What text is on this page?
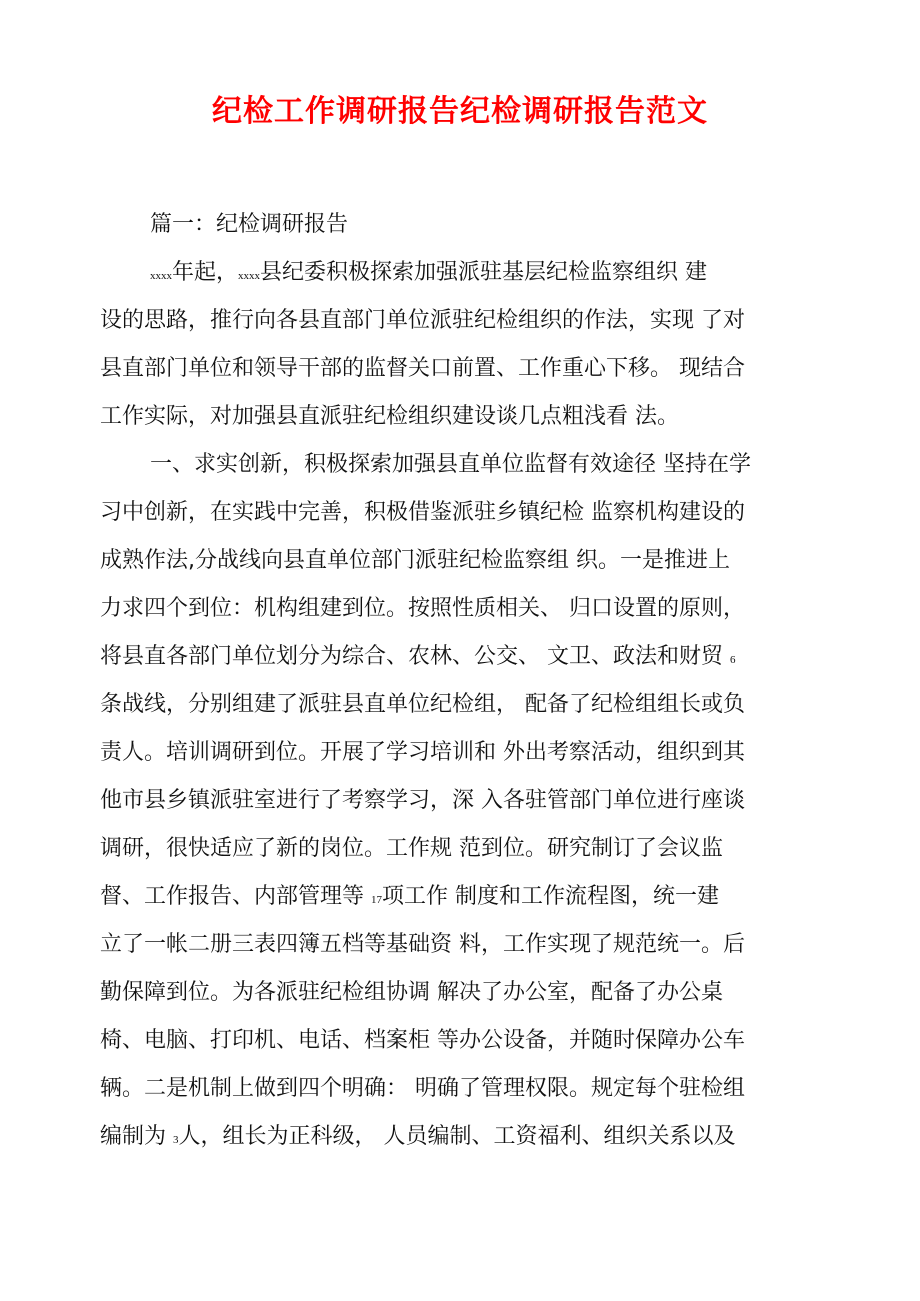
纪检工作调研报告纪检调研报告范文
篇一：纪检调研报告
xxxx年起，xxxx县纪委积极探索加强派驻基层纪检监察组织 建
设的思路，推行向各县直部门单位派驻纪检组织的作法，实现 了对
县直部门单位和领导干部的监督关口前置、工作重心下移。 现结合
工作实际，对加强县直派驻纪检组织建设谈几点粗浅看 法。
一、求实创新，积极探索加强县直单位监督有效途径 坚持在学
习中创新，在实践中完善，积极借鉴派驻乡镇纪检 监察机构建设的
成熟作法,分战线向县直单位部门派驻纪检监察组 织。一是推进上
力求四个到位：机构组建到位。按照性质相关、 归口设置的原则，
将县直各部门单位划分为综合、农林、公交、 文卫、政法和财贸 6
条战线，分别组建了派驻县直单位纪检组， 配备了纪检组组长或负
责人。培训调研到位。开展了学习培训和 外出考察活动，组织到其
他市县乡镇派驻室进行了考察学习，深 入各驻管部门单位进行座谈
调研，很快适应了新的岗位。工作规 范到位。研究制订了会议监
督、工作报告、内部管理等 17项工作 制度和工作流程图，统一建
立了一帐二册三表四簿五档等基础资 料，工作实现了规范统一。后
勤保障到位。为各派驻纪检组协调 解决了办公室，配备了办公桌
椅、电脑、打印机、电话、档案柜 等办公设备，并随时保障办公车
辆。二是机制上做到四个明确： 明确了管理权限。规定每个驻检组
编制为 3人，组长为正科级， 人员编制、工资福利、组织关系以及
